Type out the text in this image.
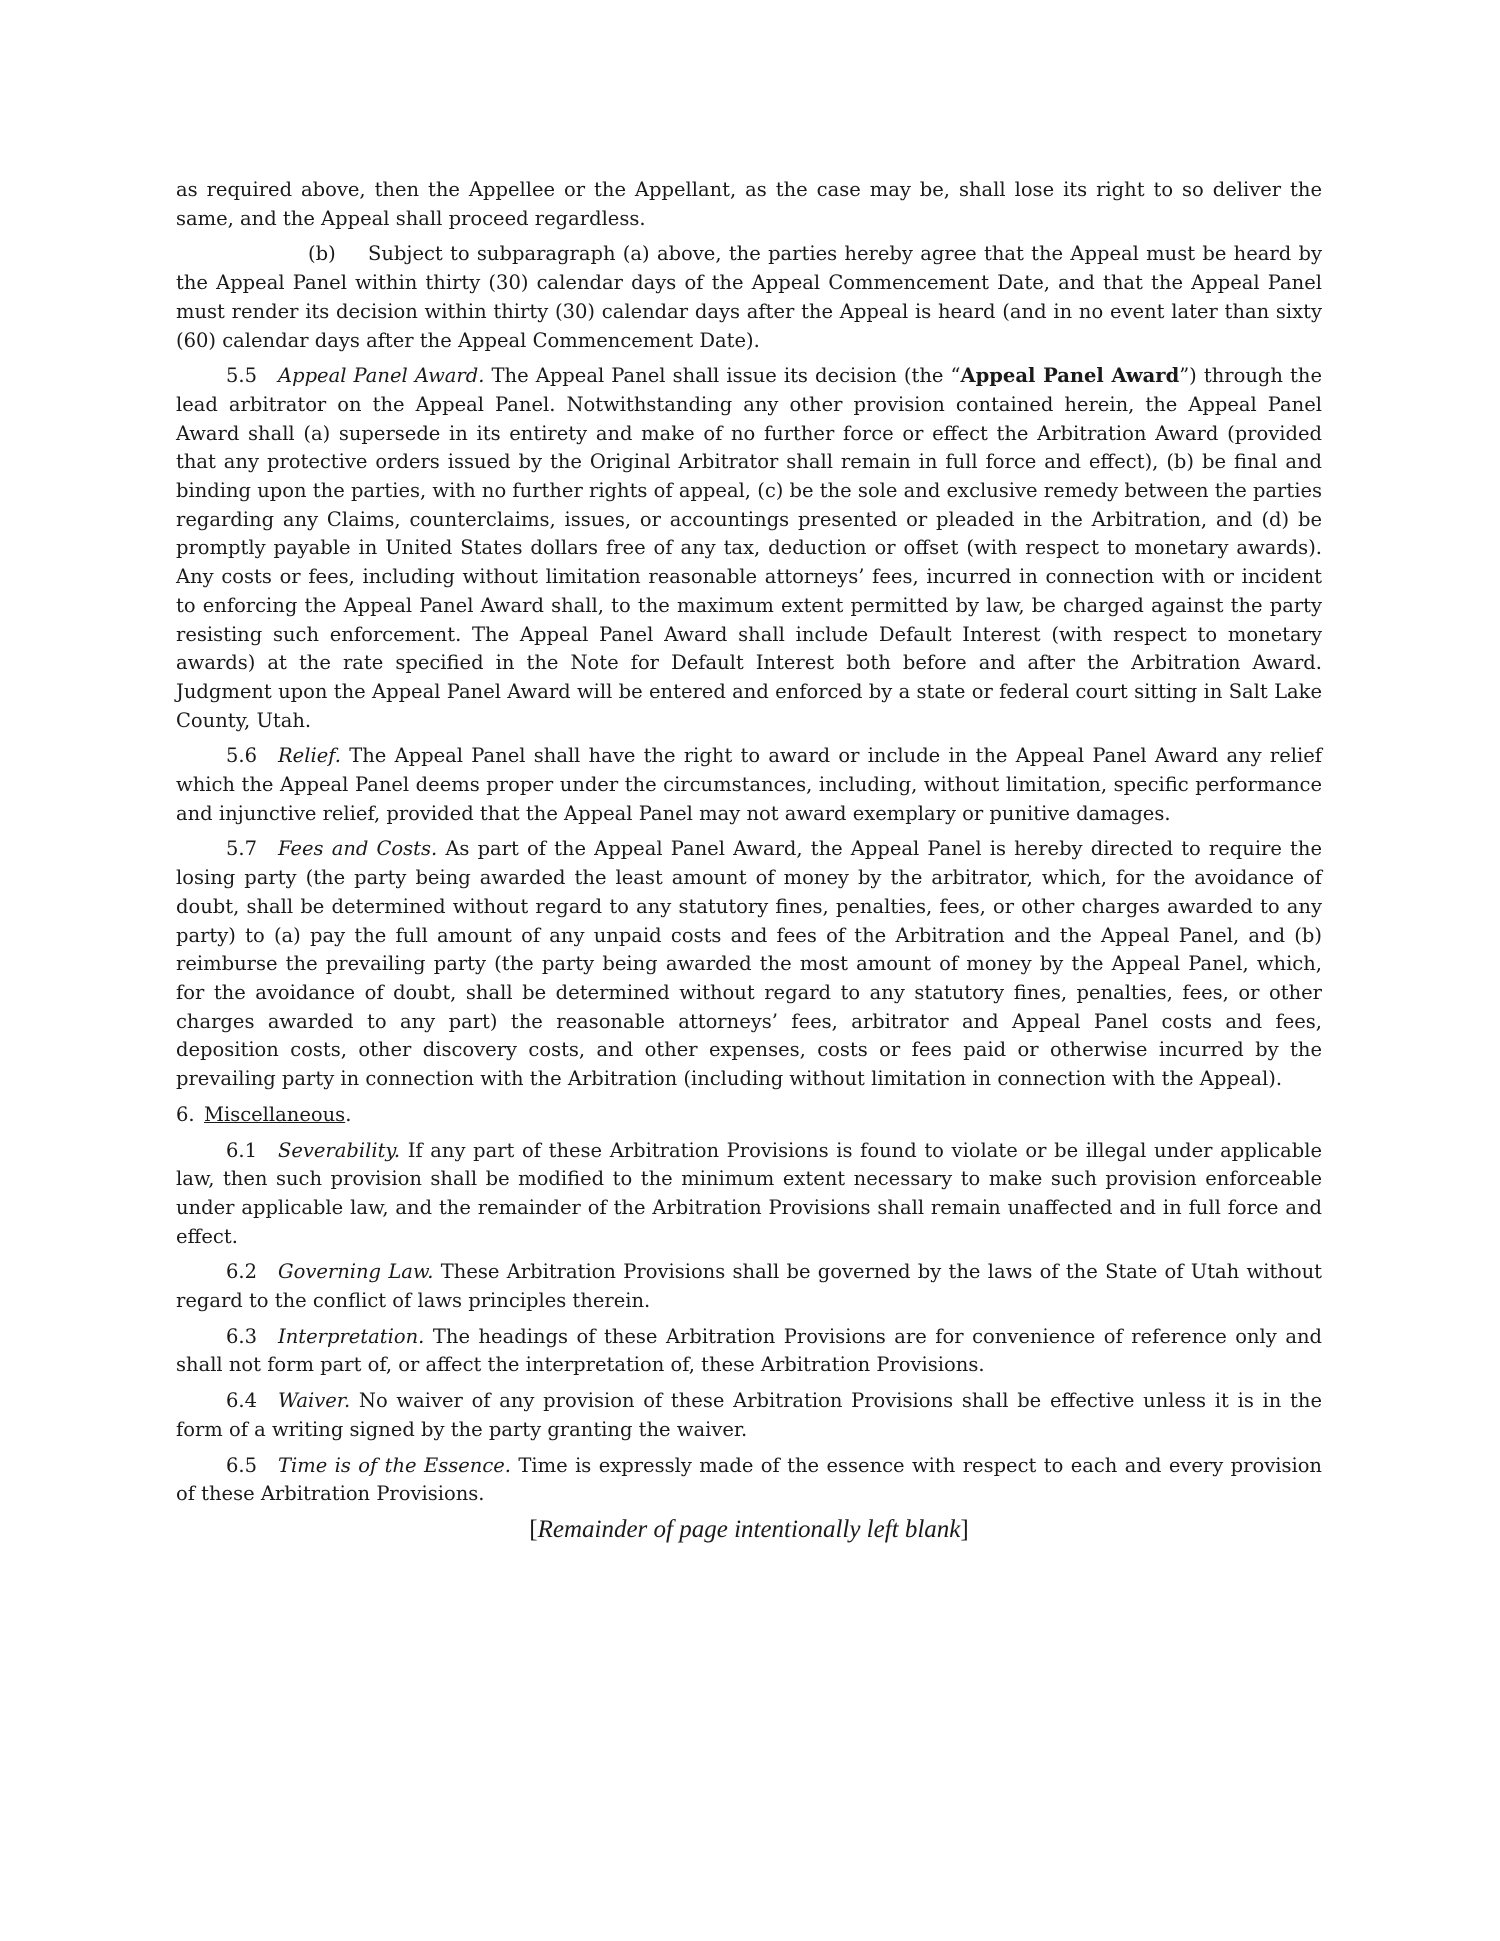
as required above, then the Appellee or the Appellant, as the case may be, shall lose its right to so deliver the same, and the Appeal shall proceed regardless.

(b) Subject to subparagraph (a) above, the parties hereby agree that the Appeal must be heard by the Appeal Panel within thirty (30) calendar days of the Appeal Commencement Date, and that the Appeal Panel must render its decision within thirty (30) calendar days after the Appeal is heard (and in no event later than sixty (60) calendar days after the Appeal Commencement Date).

5.5 Appeal Panel Award. The Appeal Panel shall issue its decision (the “Appeal Panel Award”) through the lead arbitrator on the Appeal Panel. Notwithstanding any other provision contained herein, the Appeal Panel Award shall (a) supersede in its entirety and make of no further force or effect the Arbitration Award (provided that any protective orders issued by the Original Arbitrator shall remain in full force and effect), (b) be final and binding upon the parties, with no further rights of appeal, (c) be the sole and exclusive remedy between the parties regarding any Claims, counterclaims, issues, or accountings presented or pleaded in the Arbitration, and (d) be promptly payable in United States dollars free of any tax, deduction or offset (with respect to monetary awards). Any costs or fees, including without limitation reasonable attorneys’ fees, incurred in connection with or incident to enforcing the Appeal Panel Award shall, to the maximum extent permitted by law, be charged against the party resisting such enforcement. The Appeal Panel Award shall include Default Interest (with respect to monetary awards) at the rate specified in the Note for Default Interest both before and after the Arbitration Award. Judgment upon the Appeal Panel Award will be entered and enforced by a state or federal court sitting in Salt Lake County, Utah.

5.6 Relief. The Appeal Panel shall have the right to award or include in the Appeal Panel Award any relief which the Appeal Panel deems proper under the circumstances, including, without limitation, specific performance and injunctive relief, provided that the Appeal Panel may not award exemplary or punitive damages.

5.7 Fees and Costs. As part of the Appeal Panel Award, the Appeal Panel is hereby directed to require the losing party (the party being awarded the least amount of money by the arbitrator, which, for the avoidance of doubt, shall be determined without regard to any statutory fines, penalties, fees, or other charges awarded to any party) to (a) pay the full amount of any unpaid costs and fees of the Arbitration and the Appeal Panel, and (b) reimburse the prevailing party (the party being awarded the most amount of money by the Appeal Panel, which, for the avoidance of doubt, shall be determined without regard to any statutory fines, penalties, fees, or other charges awarded to any part) the reasonable attorneys’ fees, arbitrator and Appeal Panel costs and fees, deposition costs, other discovery costs, and other expenses, costs or fees paid or otherwise incurred by the prevailing party in connection with the Arbitration (including without limitation in connection with the Appeal).

6. Miscellaneous.

6.1 Severability. If any part of these Arbitration Provisions is found to violate or be illegal under applicable law, then such provision shall be modified to the minimum extent necessary to make such provision enforceable under applicable law, and the remainder of the Arbitration Provisions shall remain unaffected and in full force and effect.

6.2 Governing Law. These Arbitration Provisions shall be governed by the laws of the State of Utah without regard to the conflict of laws principles therein.

6.3 Interpretation. The headings of these Arbitration Provisions are for convenience of reference only and shall not form part of, or affect the interpretation of, these Arbitration Provisions.

6.4 Waiver. No waiver of any provision of these Arbitration Provisions shall be effective unless it is in the form of a writing signed by the party granting the waiver.

6.5 Time is of the Essence. Time is expressly made of the essence with respect to each and every provision of these Arbitration Provisions.

[Remainder of page intentionally left blank]
